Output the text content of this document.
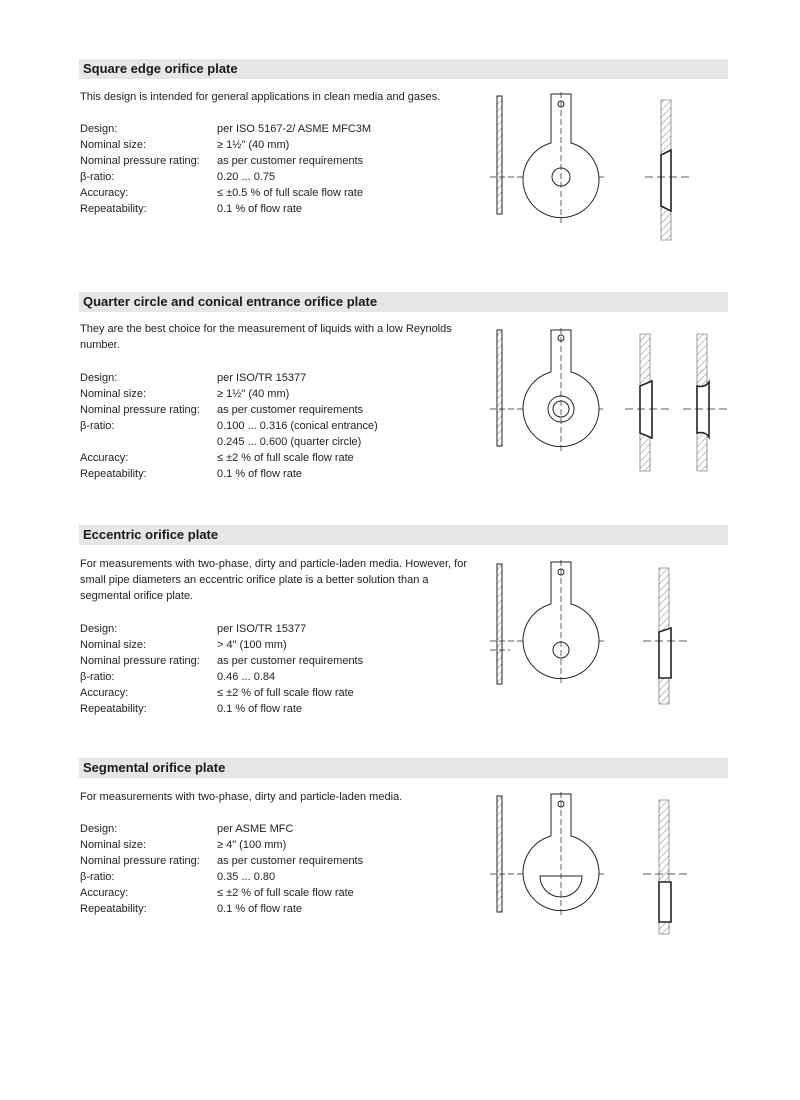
Square edge orifice plate
This design is intended for general applications in clean media and gases.
Design:	per ISO 5167-2/ ASME MFC3M
Nominal size:	≥ 1½" (40 mm)
Nominal pressure rating:	as per customer requirements
β-ratio:	0.20 ... 0.75
Accuracy:	≤ ±0.5 % of full scale flow rate
Repeatability:	0.1 % of flow rate
Quarter circle and conical entrance orifice plate
They are the best choice for the measurement of liquids with a low Reynolds number.
Design:	per ISO/TR 15377
Nominal size:	≥ 1½" (40 mm)
Nominal pressure rating:	as per customer requirements
β-ratio:	0.100 ... 0.316 (conical entrance)
0.245 ... 0.600 (quarter circle)
Accuracy:	≤ ±2 % of full scale flow rate
Repeatability:	0.1 % of flow rate
Eccentric orifice plate
For measurements with two-phase, dirty and particle-laden media. However, for small pipe diameters an eccentric orifice plate is a better solution than a segmental orifice plate.
Design:	per ISO/TR 15377
Nominal size:	> 4" (100 mm)
Nominal pressure rating:	as per customer requirements
β-ratio:	0.46 ... 0.84
Accuracy:	≤ ±2 % of full scale flow rate
Repeatability:	0.1 % of flow rate
Segmental orifice plate
For measurements with two-phase, dirty and particle-laden media.
Design:	per ASME MFC
Nominal size:	≥ 4" (100 mm)
Nominal pressure rating:	as per customer requirements
β-ratio:	0.35 ... 0.80
Accuracy:	≤ ±2 % of full scale flow rate
Repeatability:	0.1 % of flow rate
